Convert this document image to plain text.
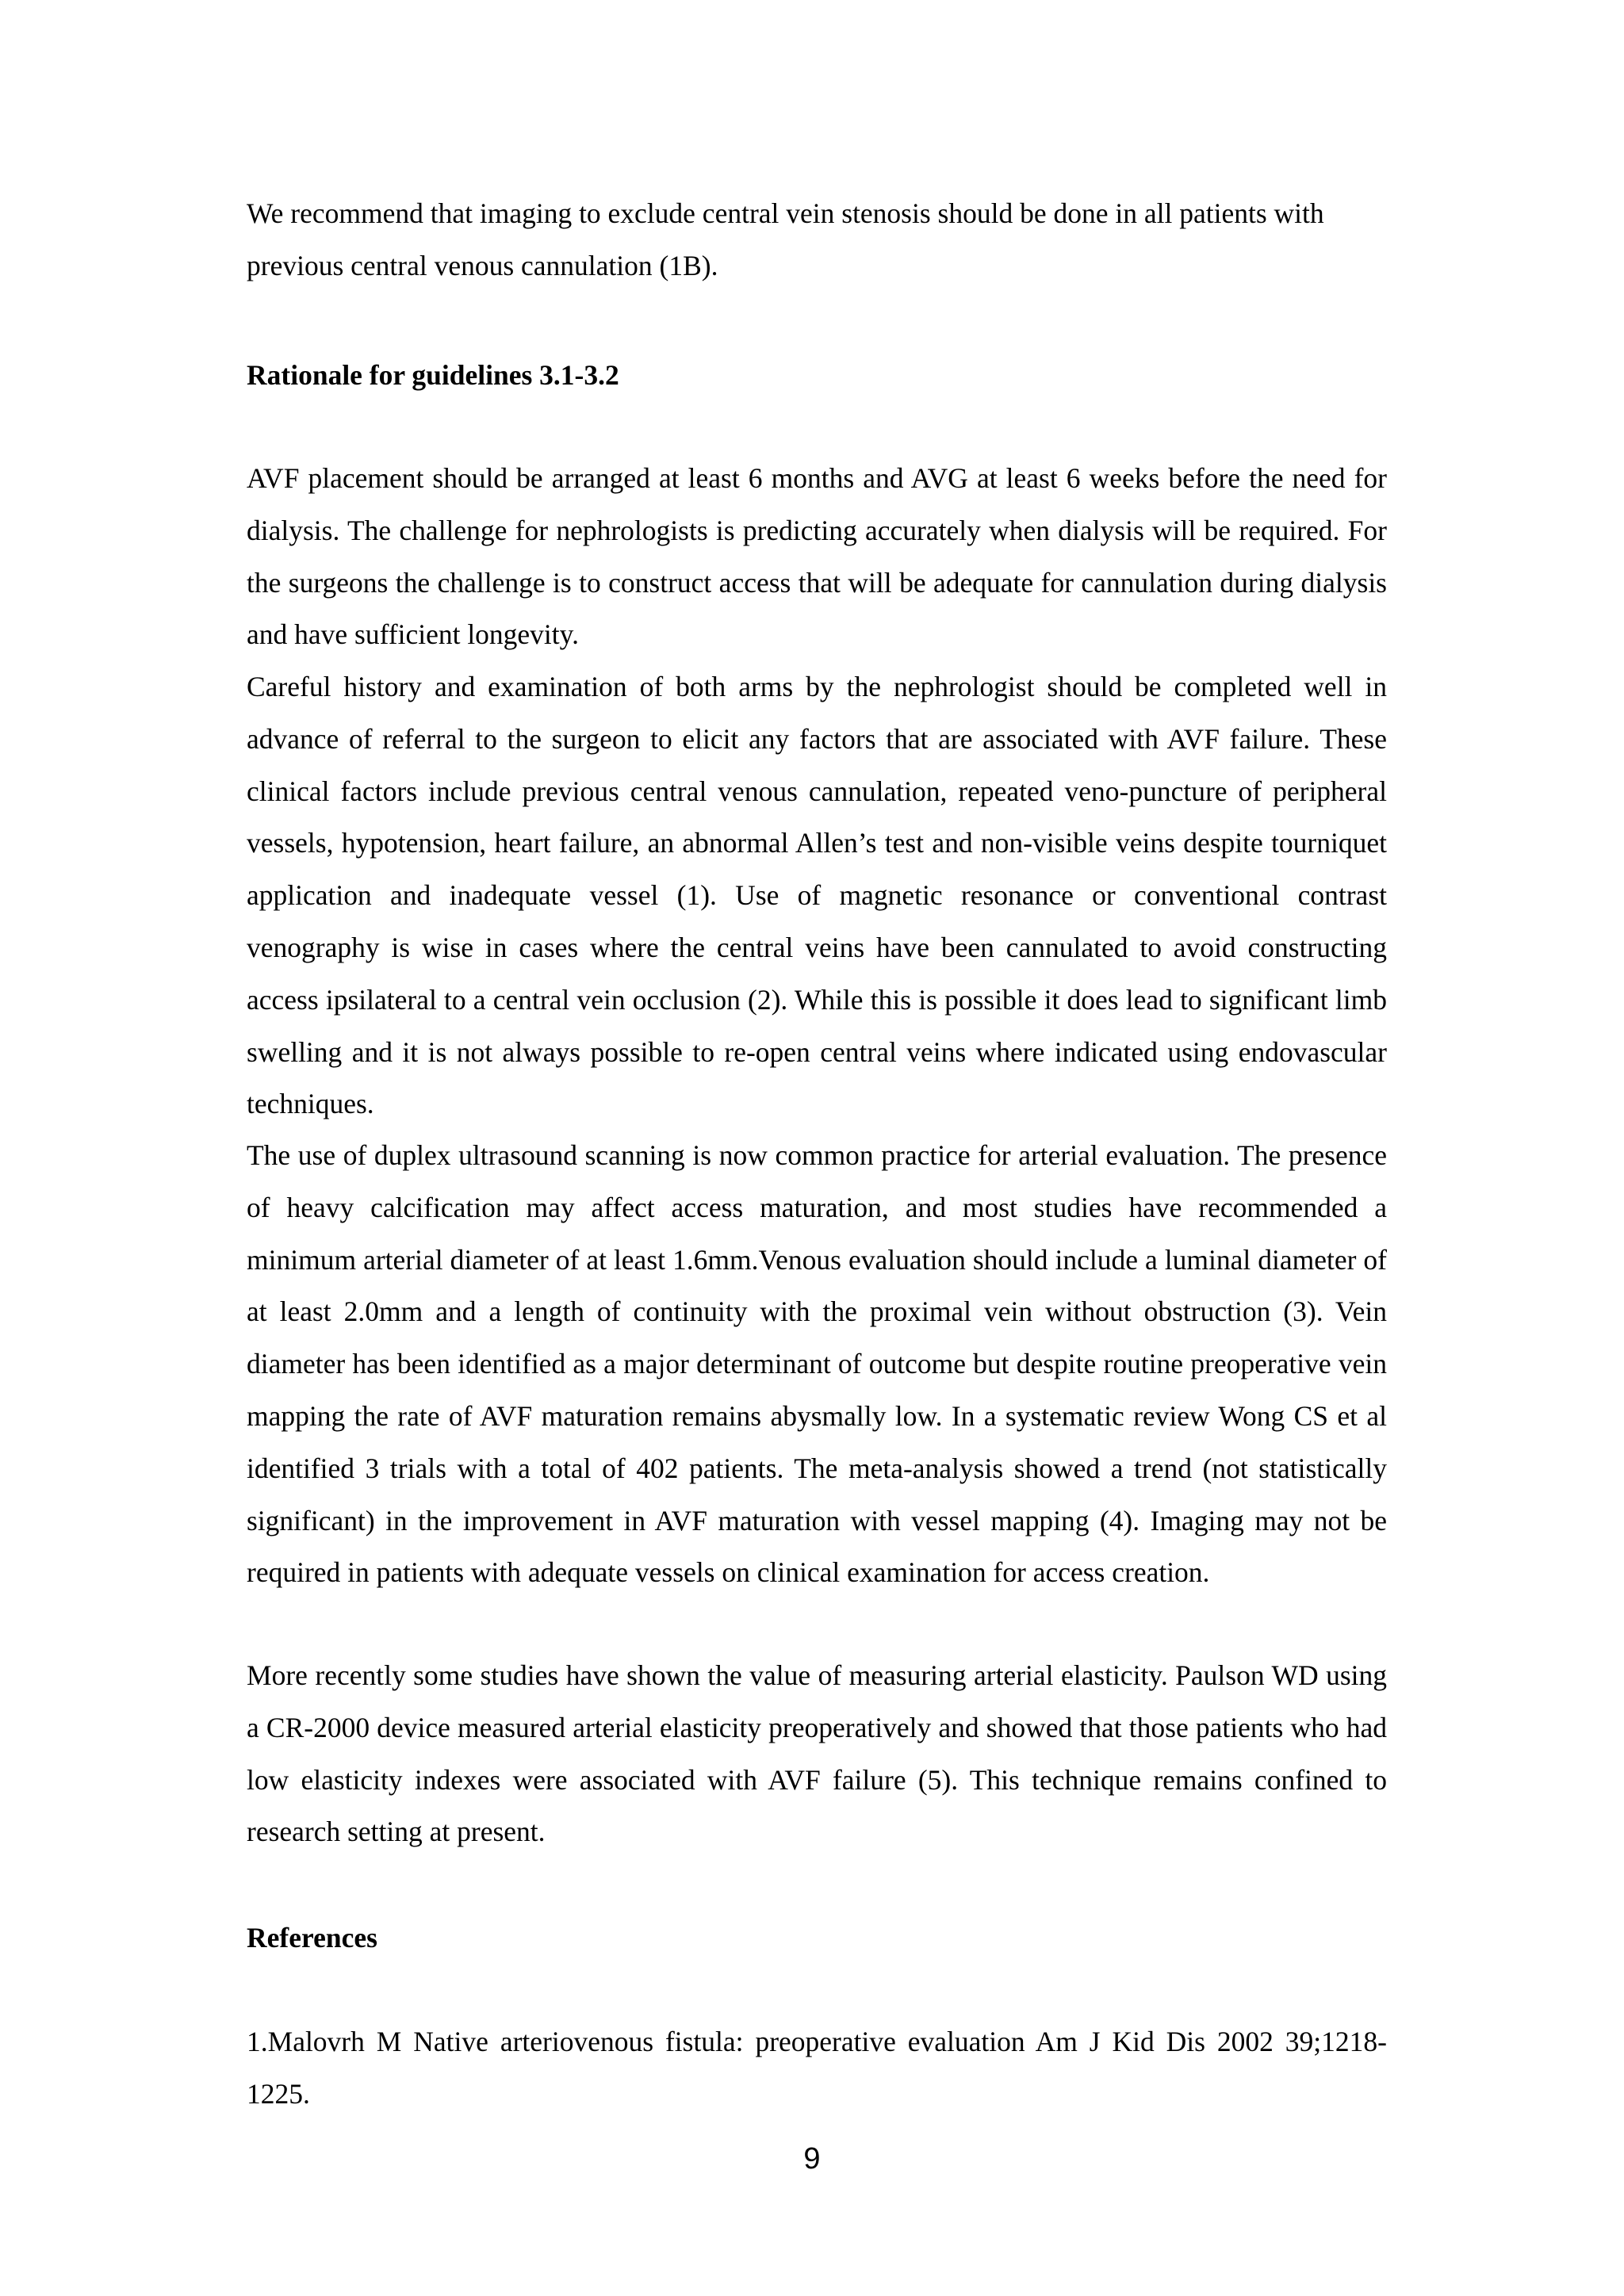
We recommend that imaging to exclude central vein stenosis should be done in all patients with previous central venous cannulation (1B).

Rationale for guidelines 3.1-3.2

AVF placement should be arranged at least 6 months and AVG at least 6 weeks before the need for dialysis. The challenge for nephrologists is predicting accurately when dialysis will be required. For the surgeons the challenge is to construct access that will be adequate for cannulation during dialysis and have sufficient longevity.

Careful history and examination of both arms by the nephrologist should be completed well in advance of referral to the surgeon to elicit any factors that are associated with AVF failure. These clinical factors include previous central venous cannulation, repeated veno-puncture of peripheral vessels, hypotension, heart failure, an abnormal Allen’s test and non-visible veins despite tourniquet application and inadequate vessel (1). Use of magnetic resonance or conventional contrast venography is wise in cases where the central veins have been cannulated to avoid constructing access ipsilateral to a central vein occlusion (2). While this is possible it does lead to significant limb swelling and it is not always possible to re-open central veins where indicated using endovascular techniques.

The use of duplex ultrasound scanning is now common practice for arterial evaluation. The presence of heavy calcification may affect access maturation, and most studies have recommended a minimum arterial diameter of at least 1.6mm.Venous evaluation should include a luminal diameter of at least 2.0mm and a length of continuity with the proximal vein without obstruction (3). Vein diameter has been identified as a major determinant of outcome but despite routine preoperative vein mapping the rate of AVF maturation remains abysmally low. In a systematic review Wong CS et al identified 3 trials with a total of 402 patients. The meta-analysis showed a trend (not statistically significant) in the improvement in AVF maturation with vessel mapping (4). Imaging may not be required in patients with adequate vessels on clinical examination for access creation.

More recently some studies have shown the value of measuring arterial elasticity. Paulson WD using a CR-2000 device measured arterial elasticity preoperatively and showed that those patients who had low elasticity indexes were associated with AVF failure (5). This technique remains confined to research setting at present.

References

1.Malovrh M Native arteriovenous fistula: preoperative evaluation Am J Kid Dis 2002 39;1218-1225.

9
